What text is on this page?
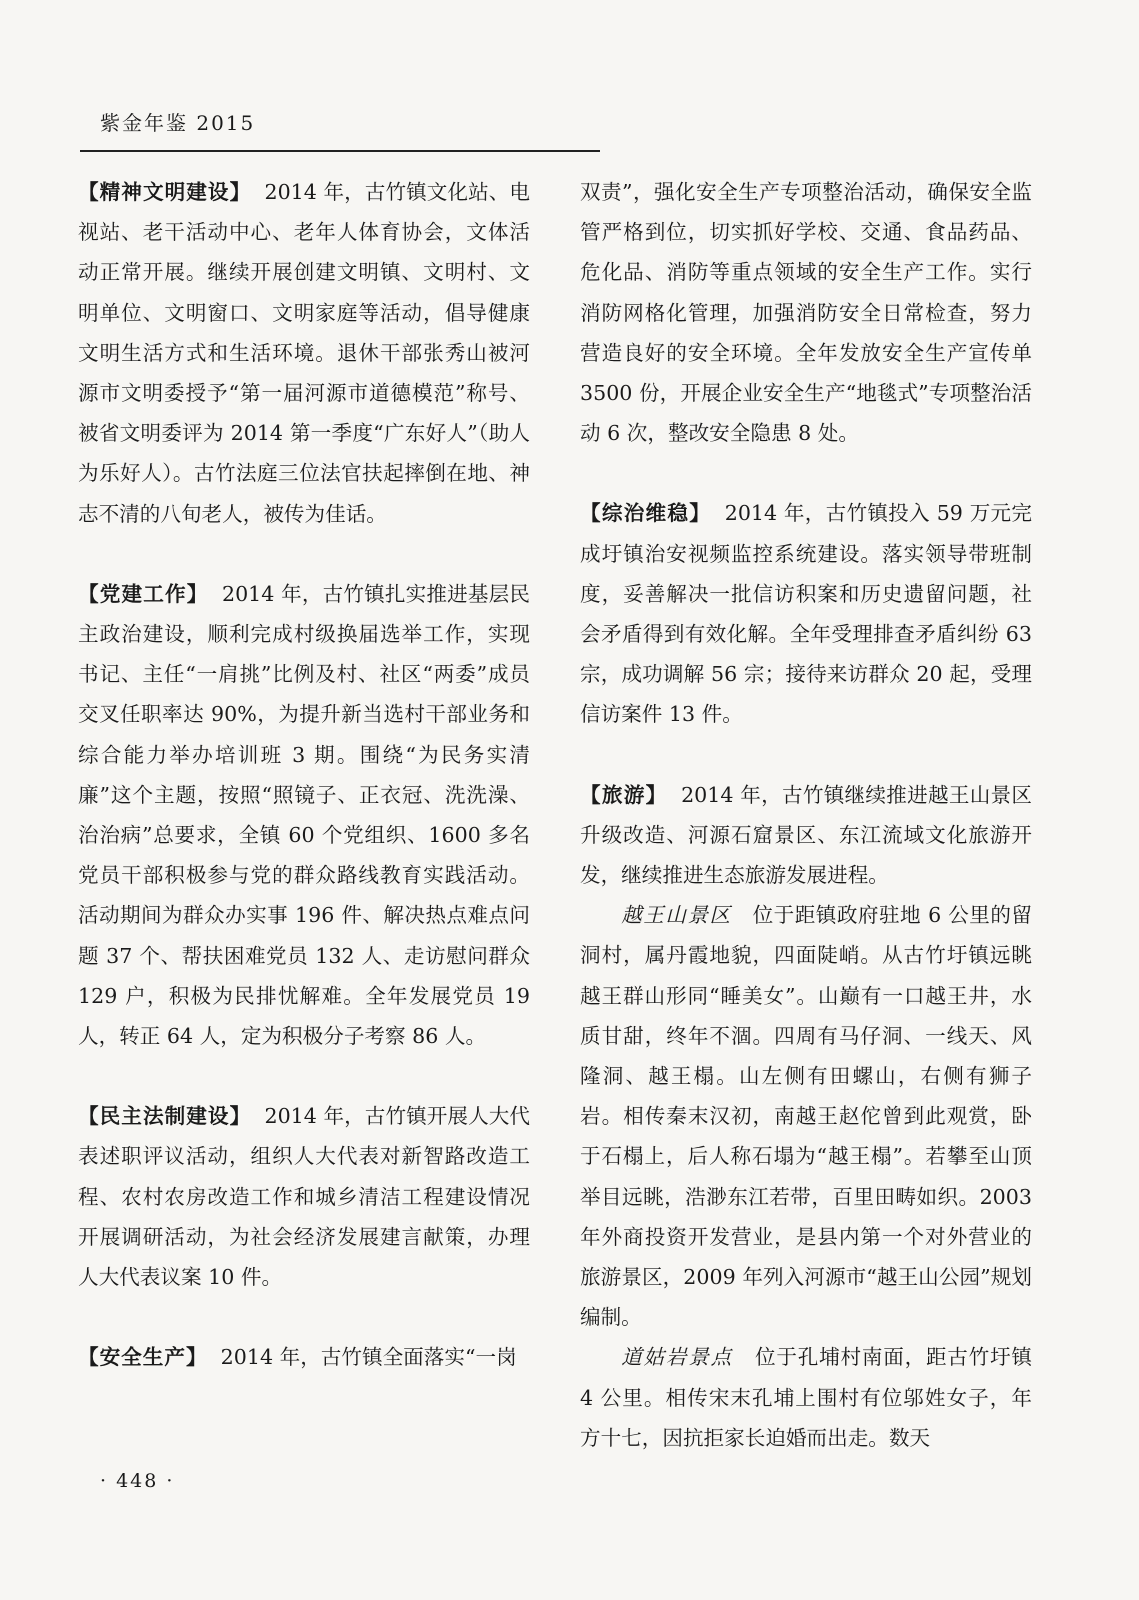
紫金年鉴 2015

【精神文明建设】 2014 年，古竹镇文化站、电视站、老干活动中心、老年人体育协会，文体活动正常开展。继续开展创建文明镇、文明村、文明单位、文明窗口、文明家庭等活动，倡导健康文明生活方式和生活环境。退休干部张秀山被河源市文明委授予“第一届河源市道德模范”称号、被省文明委评为 2014 第一季度“广东好人”（助人为乐好人）。古竹法庭三位法官扶起摔倒在地、神志不清的八旬老人，被传为佳话。

【党建工作】 2014 年，古竹镇扎实推进基层民主政治建设，顺利完成村级换届选举工作，实现书记、主任“一肩挑”比例及村、社区“两委”成员交叉任职率达 90%，为提升新当选村干部业务和综合能力举办培训班 3 期。围绕“为民务实清廉”这个主题，按照“照镜子、正衣冠、洗洗澡、治治病”总要求，全镇 60 个党组织、1600 多名党员干部积极参与党的群众路线教育实践活动。活动期间为群众办实事 196 件、解决热点难点问题 37 个、帮扶困难党员 132 人、走访慰问群众 129 户，积极为民排忧解难。全年发展党员 19 人，转正 64 人，定为积极分子考察 86 人。

【民主法制建设】 2014 年，古竹镇开展人大代表述职评议活动，组织人大代表对新智路改造工程、农村农房改造工作和城乡清洁工程建设情况开展调研活动，为社会经济发展建言献策，办理人大代表议案 10 件。

【安全生产】 2014 年，古竹镇全面落实“一岗

双责”，强化安全生产专项整治活动，确保安全监管严格到位，切实抓好学校、交通、食品药品、危化品、消防等重点领域的安全生产工作。实行消防网格化管理，加强消防安全日常检查，努力营造良好的安全环境。全年发放安全生产宣传单 3500 份，开展企业安全生产“地毯式”专项整治活动 6 次，整改安全隐患 8 处。

【综治维稳】 2014 年，古竹镇投入 59 万元完成圩镇治安视频监控系统建设。落实领导带班制度，妥善解决一批信访积案和历史遗留问题，社会矛盾得到有效化解。全年受理排查矛盾纠纷 63 宗，成功调解 56 宗；接待来访群众 20 起，受理信访案件 13 件。

【旅游】 2014 年，古竹镇继续推进越王山景区升级改造、河源石窟景区、东江流域文化旅游开发，继续推进生态旅游发展进程。

越王山景区 位于距镇政府驻地 6 公里的留洞村，属丹霞地貌，四面陡峭。从古竹圩镇远眺越王群山形同“睡美女”。山巅有一口越王井，水质甘甜，终年不涸。四周有马仔洞、一线天、风隆洞、越王榻。山左侧有田螺山，右侧有狮子岩。相传秦末汉初，南越王赵佗曾到此观赏，卧于石榻上，后人称石塌为“越王榻”。若攀至山顶举目远眺，浩渺东江若带，百里田畴如织。2003 年外商投资开发营业，是县内第一个对外营业的旅游景区，2009 年列入河源市“越王山公园”规划编制。

道姑岩景点 位于孔埔村南面，距古竹圩镇 4 公里。相传宋末孔埔上围村有位邬姓女子，年方十七，因抗拒家长迫婚而出走。数天

· 448 ·
